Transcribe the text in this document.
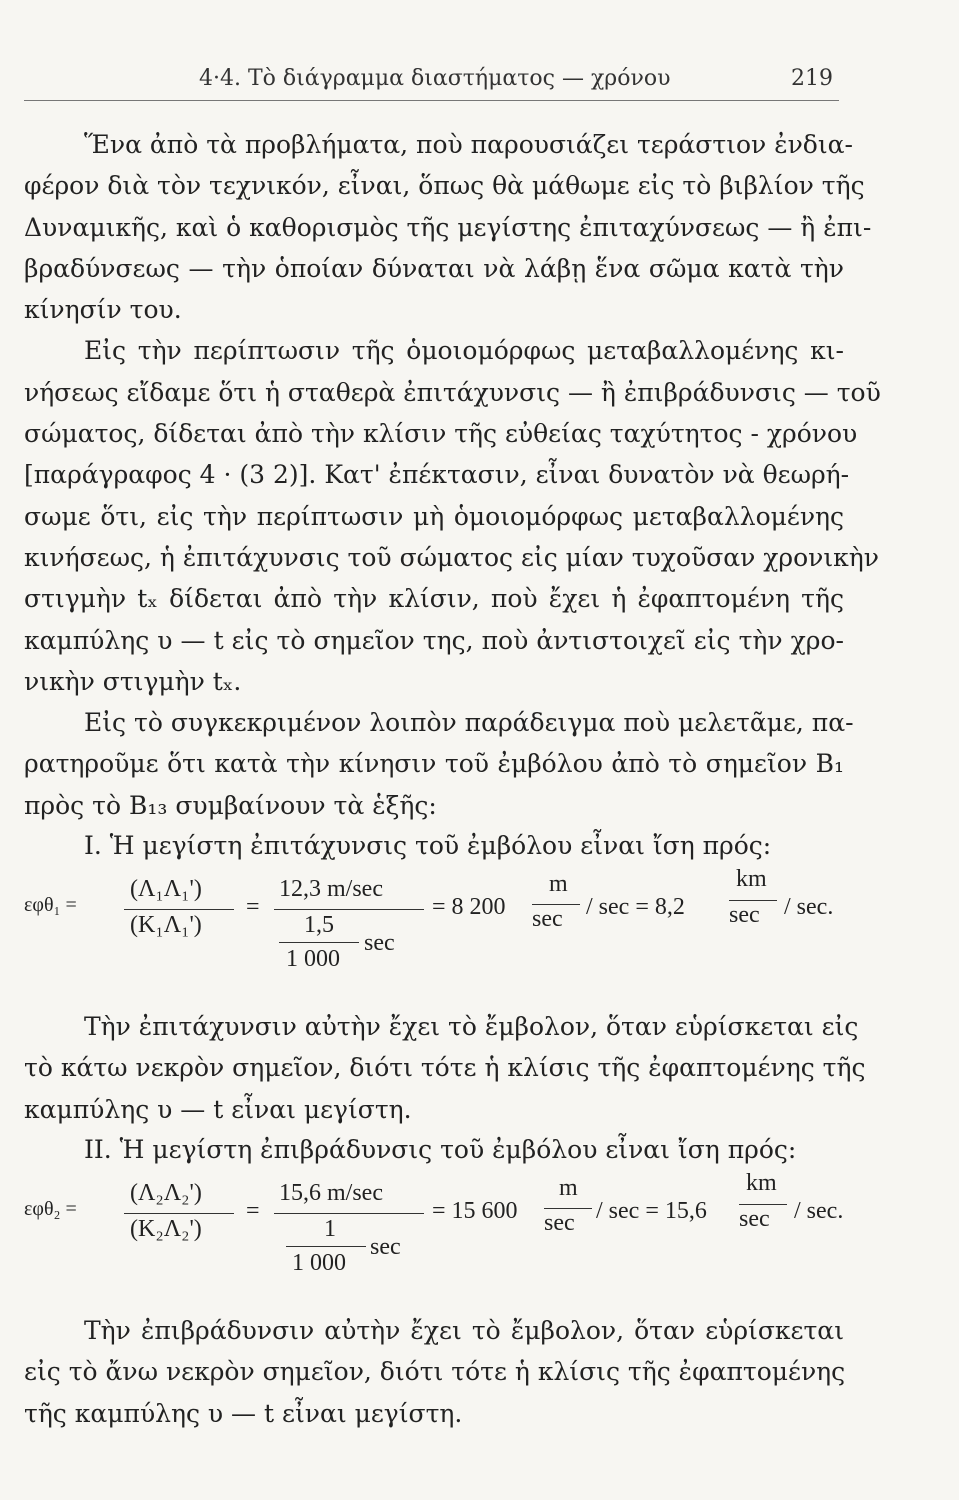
4·4. Τὸ διάγραμμα διαστήματος — χρόνου	219
Ἕνα ἀπὸ τὰ προβλήματα, ποὺ παρουσιάζει τεράστιον ἐνδια-
φέρον διὰ τὸν τεχνικόν, εἶναι, ὅπως θὰ μάθωμε εἰς τὸ βιβλίον τῆς
Δυναμικῆς, καὶ ὁ καθορισμὸς τῆς μεγίστης ἐπιταχύνσεως — ἢ ἐπι-
βραδύνσεως — τὴν ὁποίαν δύναται νὰ λάβῃ ἕνα σῶμα κατὰ τὴν
κίνησίν του.
Εἰς τὴν περίπτωσιν τῆς ὁμοιομόρφως μεταβαλλομένης κι-
νήσεως εἴδαμε ὅτι ἡ σταθερὰ ἐπιτάχυνσις — ἢ ἐπιβράδυνσις — τοῦ
σώματος, δίδεται ἀπὸ τὴν κλίσιν τῆς εὐθείας ταχύτητος - χρόνου
[παράγραφος 4 · (3 2)]. Κατ' ἐπέκτασιν, εἶναι δυνατὸν νὰ θεωρή-
σωμε ὅτι, εἰς τὴν περίπτωσιν μὴ ὁμοιομόρφως μεταβαλλομένης
κινήσεως, ἡ ἐπιτάχυνσις τοῦ σώματος εἰς μίαν τυχοῦσαν χρονικὴν
στιγμὴν tₓ δίδεται ἀπὸ τὴν κλίσιν, ποὺ ἔχει ἡ ἐφαπτομένη τῆς
καμπύλης υ — t εἰς τὸ σημεῖον της, ποὺ ἀντιστοιχεῖ εἰς τὴν χρο-
νικὴν στιγμὴν tₓ.
Εἰς τὸ συγκεκριμένον λοιπὸν παράδειγμα ποὺ μελετᾶμε, πα-
ρατηροῦμε ὅτι κατὰ τὴν κίνησιν τοῦ ἐμβόλου ἀπὸ τὸ σημεῖον B₁
πρὸς τὸ B₁₃ συμβαίνουν τὰ ἑξῆς:
I. Ἡ μεγίστη ἐπιτάχυνσις τοῦ ἐμβόλου εἶναι ἴση πρός:
εφθ₁ =
(Λ₁Λ₁')
(Κ₁Λ₁')
=
12,3 m/sec
1,5
1 000
sec
= 8 200
m
sec / sec = 8,2
km
sec / sec.
Τὴν ἐπιτάχυνσιν αὐτὴν ἔχει τὸ ἔμβολον, ὅταν εὑρίσκεται εἰς
τὸ κάτω νεκρὸν σημεῖον, διότι τότε ἡ κλίσις τῆς ἐφαπτομένης τῆς
καμπύλης υ — t εἶναι μεγίστη.
II. Ἡ μεγίστη ἐπιβράδυνσις τοῦ ἐμβόλου εἶναι ἴση πρός:
εφθ₂ =
(Λ₂Λ₂')
(Κ₂Λ₂')
=
15,6 m/sec
1
1 000
sec
= 15 600
m
sec / sec = 15,6
km
sec / sec.
Τὴν ἐπιβράδυνσιν αὐτὴν ἔχει τὸ ἔμβολον, ὅταν εὑρίσκεται
εἰς τὸ ἄνω νεκρὸν σημεῖον, διότι τότε ἡ κλίσις τῆς ἐφαπτομένης
τῆς καμπύλης υ — t εἶναι μεγίστη.
